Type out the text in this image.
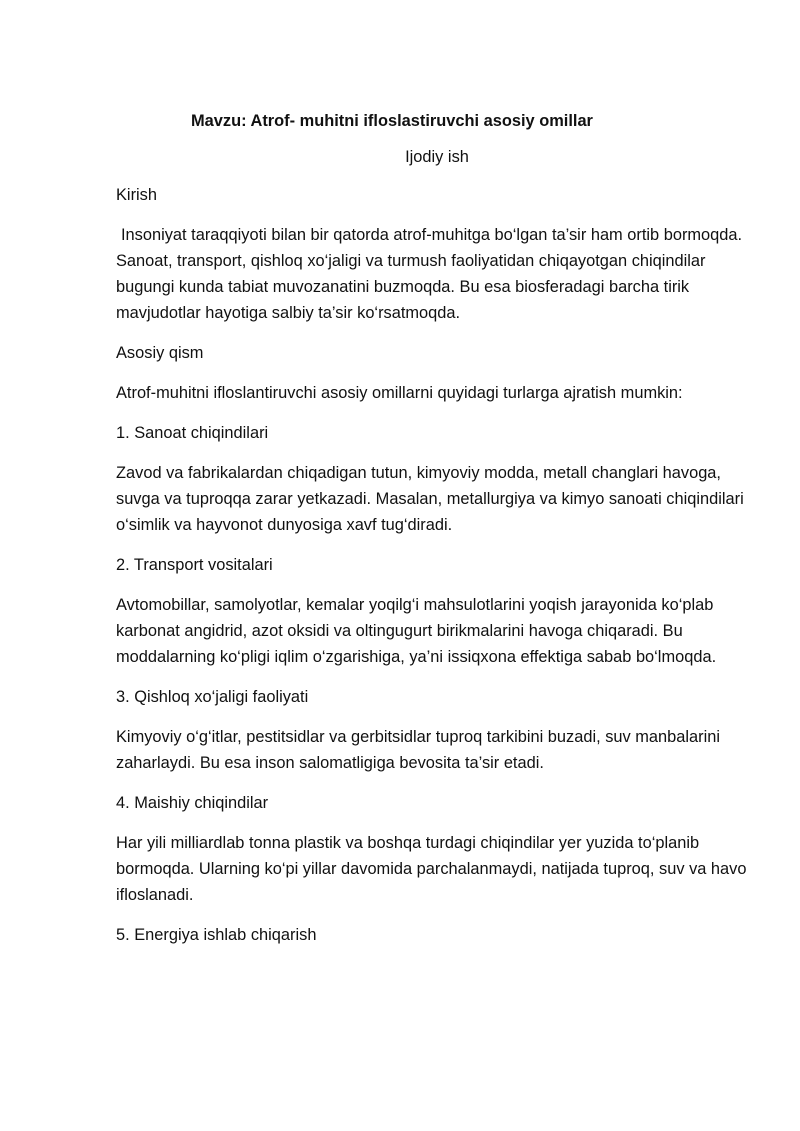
Mavzu: Atrof- muhitni ifloslastiruvchi asosiy omillar
Ijodiy ish
Kirish
Insoniyat taraqqiyoti bilan bir qatorda atrof-muhitga bo‘lgan ta’sir ham ortib bormoqda. Sanoat, transport, qishloq xo‘jaligi va turmush faoliyatidan chiqayotgan chiqindilar bugungi kunda tabiat muvozanatini buzmoqda. Bu esa biosferadagi barcha tirik mavjudotlar hayotiga salbiy ta’sir ko‘rsatmoqda.
Asosiy qism
Atrof-muhitni ifloslantiruvchi asosiy omillarni quyidagi turlarga ajratish mumkin:
1. Sanoat chiqindilari
Zavod va fabrikalardan chiqadigan tutun, kimyoviy modda, metall changlari havoga, suvga va tuproqqa zarar yetkazadi. Masalan, metallurgiya va kimyo sanoati chiqindilari o‘simlik va hayvonot dunyosiga xavf tug‘diradi.
2. Transport vositalari
Avtomobillar, samolyotlar, kemalar yoqilg‘i mahsulotlarini yoqish jarayonida ko‘plab karbonat angidrid, azot oksidi va oltingugurt birikmalarini havoga chiqaradi. Bu moddalarning ko‘pligi iqlim o‘zgarishiga, ya’ni issiqxona effektiga sabab bo‘lmoqda.
3. Qishloq xo‘jaligi faoliyati
Kimyoviy o‘g‘itlar, pestitsidlar va gerbitsidlar tuproq tarkibini buzadi, suv manbalarini zaharlaydi. Bu esa inson salomatligiga bevosita ta’sir etadi.
4. Maishiy chiqindilar
Har yili milliardlab tonna plastik va boshqa turdagi chiqindilar yer yuzida to‘planib bormoqda. Ularning ko‘pi yillar davomida parchalanmaydi, natijada tuproq, suv va havo ifloslanadi.
5. Energiya ishlab chiqarish
